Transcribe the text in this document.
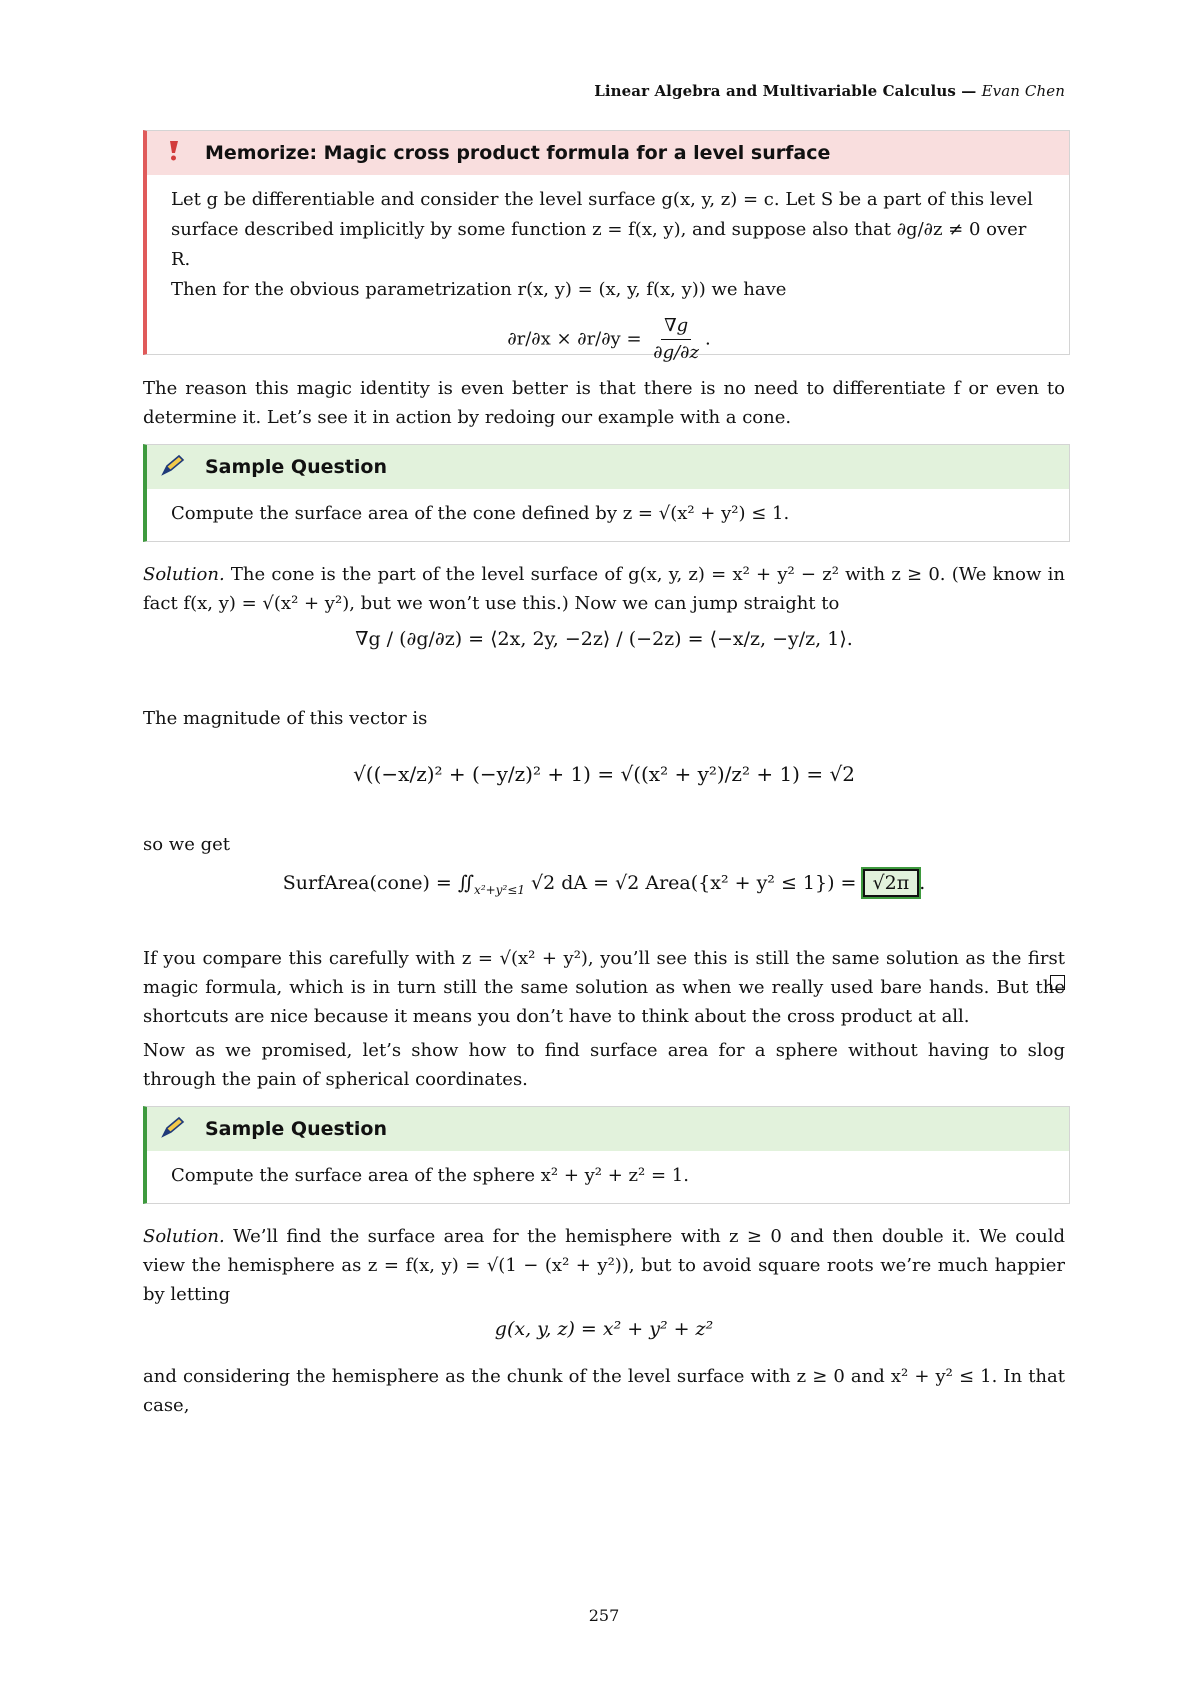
Linear Algebra and Multivariable Calculus — Evan Chen
Memorize: Magic cross product formula for a level surface
Let g be differentiable and consider the level surface g(x, y, z) = c. Let S be a part of this level surface described implicitly by some function z = f(x, y), and suppose also that ∂g/∂z ≠ 0 over R.
Then for the obvious parametrization r(x, y) = (x, y, f(x, y)) we have
$\partial r/\partial x \times \partial r/\partial y = \frac{\nabla g}{\partial g/\partial z}$ .
The reason this magic identity is even better is that there is no need to differentiate f or even to determine it. Let’s see it in action by redoing our example with a cone.
Sample Question
Compute the surface area of the cone defined by z = √(x² + y²) ≤ 1.
Solution. The cone is the part of the level surface of g(x, y, z) = x² + y² − z² with z ≥ 0. (We know in fact f(x, y) = √(x² + y²), but we won’t use this.) Now we can jump straight to
∇g / (∂g/∂z) = ⟨2x, 2y, −2z⟩ / (−2z) = ⟨−x/z, −y/z, 1⟩.
The magnitude of this vector is
√((−x/z)² + (−y/z)² + 1) = √((x² + y²)/z² + 1) = √2
so we get
SurfArea(cone) = $∬_{x^2+y^2\le 1}$ √2 dA = √2 Area({x² + y² ≤ 1}) = √2π .
If you compare this carefully with z = √(x² + y²), you’ll see this is still the same solution as the first magic formula, which is in turn still the same solution as when we really used bare hands. But the shortcuts are nice because it means you don’t have to think about the cross product at all.
Now as we promised, let’s show how to find surface area for a sphere without having to slog through the pain of spherical coordinates.
Sample Question
Compute the surface area of the sphere x² + y² + z² = 1.
Solution. We’ll find the surface area for the hemisphere with z ≥ 0 and then double it. We could view the hemisphere as z = f(x, y) = √(1 − (x² + y²)), but to avoid square roots we’re much happier by letting
g(x, y, z) = x² + y² + z²
and considering the hemisphere as the chunk of the level surface with z ≥ 0 and x² + y² ≤ 1. In that case,
257
